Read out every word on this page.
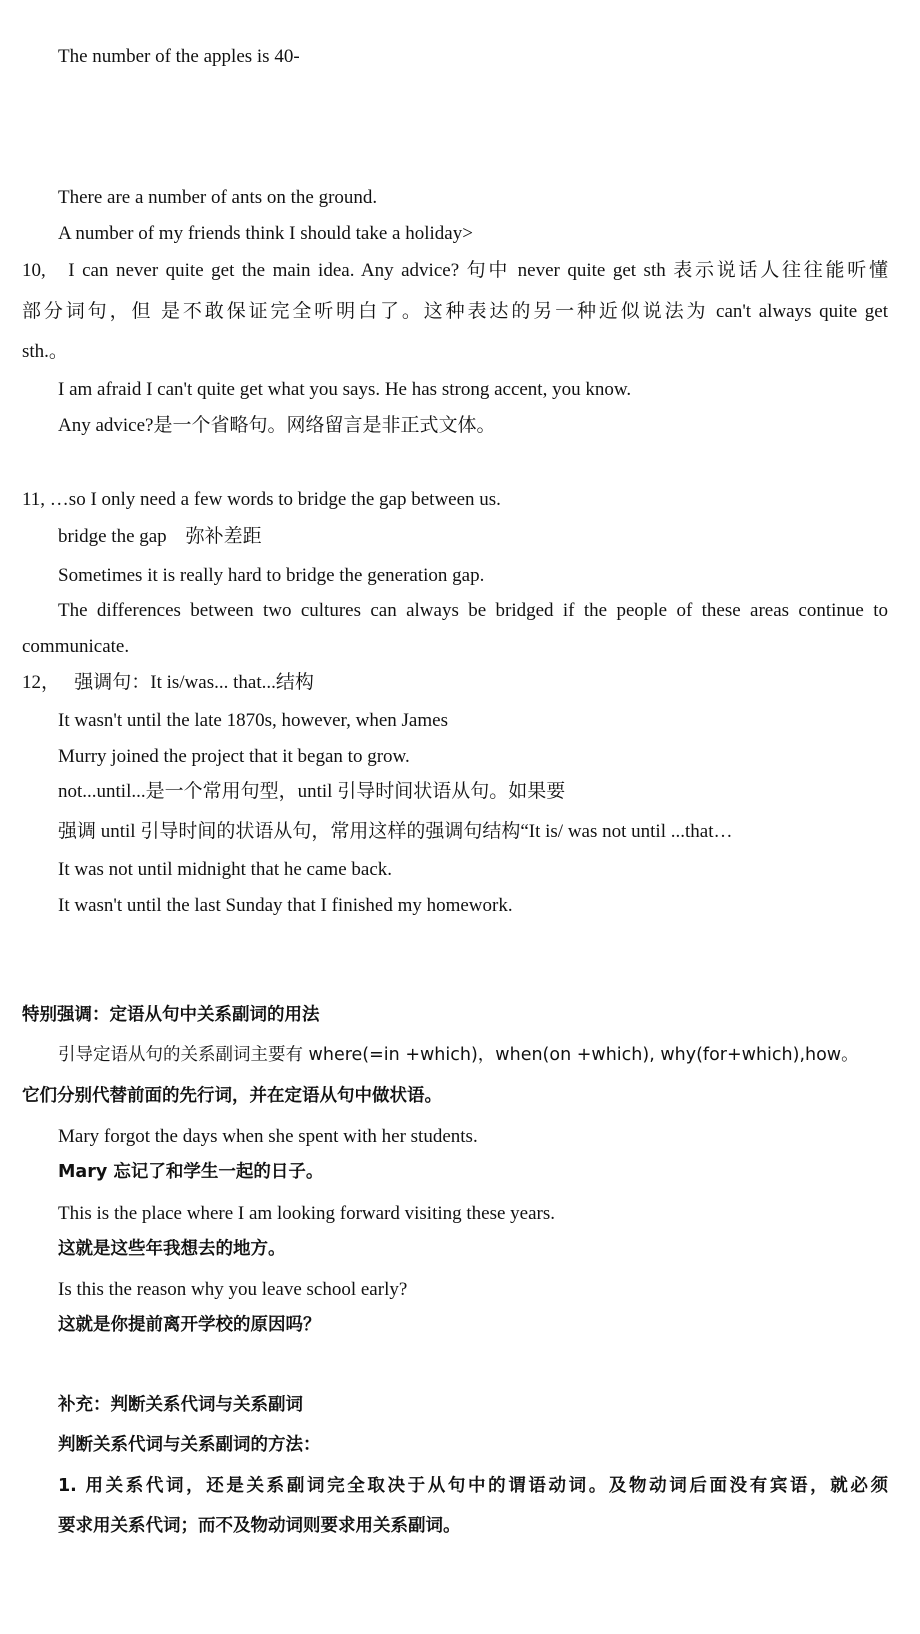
The number of the apples is 40-
There are a number of ants on the ground.
A number of my friends think I should take a holiday>
10,   I can never quite get the main idea. Any advice? 句中 never quite get sth 表示说话人往往能听懂
部分词句，但 是不敢保证完全听明白了。这种表达的另一种近似说法为 can't always quite get
sth.。
I am afraid I can't quite get what you says. He has strong accent, you know.
Any advice?是一个省略句。网络留言是非正式文体。
11, …so I only need a few words to bridge the gap between us.
bridge the gap    弥补差距
Sometimes it is really hard to bridge the generation gap.
The differences between two cultures can always be bridged if the people of these areas continue to
communicate.
12，   强调句：It is/was... that...结构
It wasn't until the late 1870s, however, when James
Murry joined the project that it began to grow.
not...until...是一个常用句型，until 引导时间状语从句。如果要
强调 until 引导时间的状语从句，常用这样的强调句结构“It is/ was not until ...that…
It was not until midnight that he came back.
It wasn't until the last Sunday that I finished my homework.
特别强调：定语从句中关系副词的用法
引导定语从句的关系副词主要有 where(=in +which)，when(on +which), why(for+which),how。
它们分别代替前面的先行词，并在定语从句中做状语。
Mary forgot the days when she spent with her students.
Mary 忘记了和学生一起的日子。
This is the place where I am looking forward visiting these years.
这就是这些年我想去的地方。
Is this the reason why you leave school early?
这就是你提前离开学校的原因吗？
补充：判断关系代词与关系副词
判断关系代词与关系副词的方法：
1. 用关系代词，还是关系副词完全取决于从句中的谓语动词。及物动词后面没有宾语，就必须
要求用关系代词；而不及物动词则要求用关系副词。
